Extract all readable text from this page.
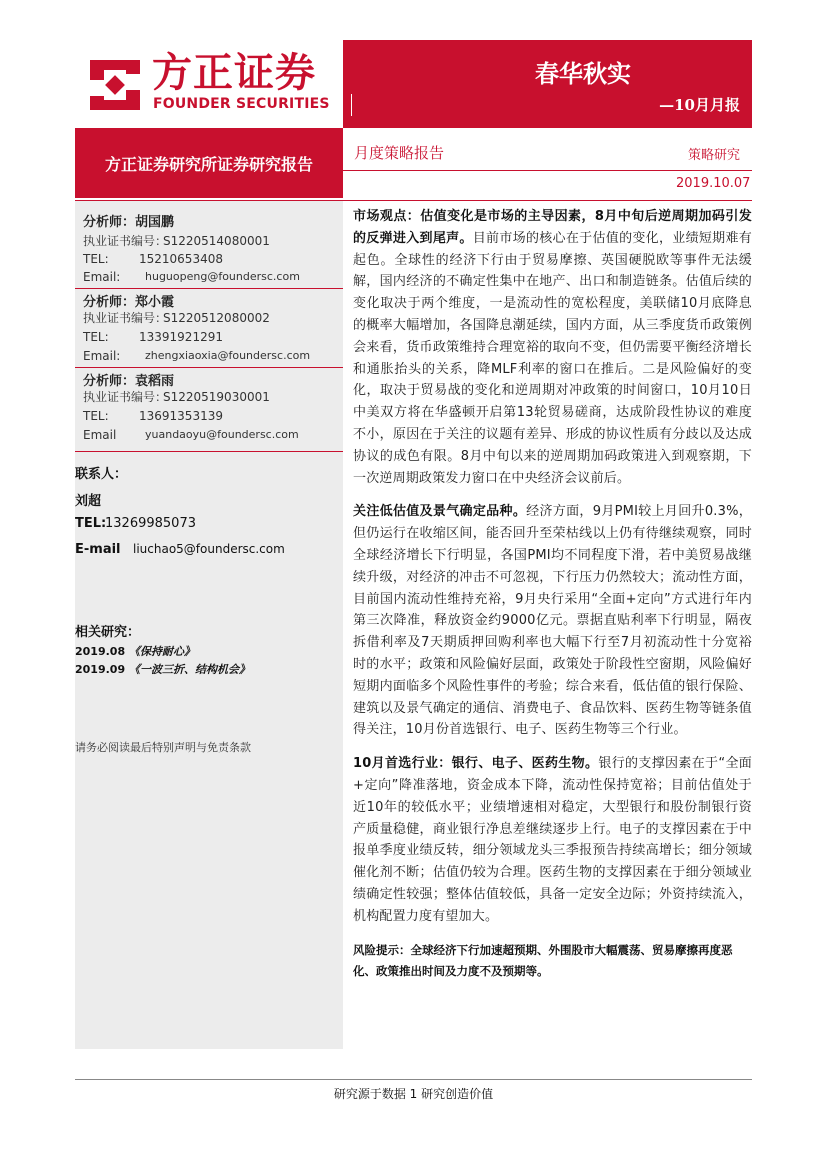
方正证券
FOUNDER SECURITIES
春华秋实
—10月月报
方正证券研究所证券研究报告
月度策略报告	策略研究
2019.10.07
分析师：胡国鹏
执业证书编号：
S1220514080001
TEL:	15210653408
Email: huguopeng@foundersc.com
分析师：郑小霞
执业证书编号：
S1220512080002
TEL:	13391921291
Email: zhengxiaoxia@foundersc.com
分析师：袁稻雨
执业证书编号：
S1220519030001
TEL:	13691353139
Email	yuandaoyu@foundersc.com
联系人：
刘超
TEL:
13269985073
E-mail liuchao5@foundersc.com
相关研究：
2019.08 《保持耐心》
2019.09 《一波三折、结构机会》
请务必阅读最后特别声明与免责条款

市场观点：估值变化是市场的主导因素，8月中旬后逆周期加码引发的反弹进入到尾声。目前市场的核心在于估值的变化，业绩短期难有起色。全球性的经济下行由于贸易摩擦、英国硬脱欧等事件无法缓解，国内经济的不确定性集中在地产、出口和制造链条。估值后续的变化取决于两个维度，一是流动性的宽松程度，美联储10月底降息的概率大幅增加，各国降息潮延续，国内方面，从三季度货币政策例会来看，货币政策维持合理宽裕的取向不变，但仍需要平衡经济增长和通胀抬头的关系，降MLF利率的窗口在推后。二是风险偏好的变化，取决于贸易战的变化和逆周期对冲政策的时间窗口，10月10日中美双方将在华盛顿开启第13轮贸易磋商，达成阶段性协议的难度不小，原因在于关注的议题有差异、形成的协议性质有分歧以及达成协议的成色有限。8月中旬以来的逆周期加码政策进入到观察期，下一次逆周期政策发力窗口在中央经济会议前后。

关注低估值及景气确定品种。经济方面，9月PMI较上月回升0.3%，但仍运行在收缩区间，能否回升至荣枯线以上仍有待继续观察，同时全球经济增长下行明显，各国PMI均不同程度下滑，若中美贸易战继续升级，对经济的冲击不可忽视，下行压力仍然较大；流动性方面，目前国内流动性维持充裕，9月央行采用“全面+定向”方式进行年内第三次降准，释放资金约9000亿元。票据直贴利率下行明显，隔夜拆借利率及7天期质押回购利率也大幅下行至7月初流动性十分宽裕时的水平；政策和风险偏好层面，政策处于阶段性空窗期，风险偏好短期内面临多个风险性事件的考验；综合来看，低估值的银行保险、建筑以及景气确定的通信、消费电子、食品饮料、医药生物等链条值得关注，10月份首选银行、电子、医药生物等三个行业。

10月首选行业：银行、电子、医药生物。银行的支撑因素在于“全面+定向”降准落地，资金成本下降，流动性保持宽裕；目前估值处于近10年的较低水平；业绩增速相对稳定，大型银行和股份制银行资产质量稳健，商业银行净息差继续逐步上行。电子的支撑因素在于中报单季度业绩反转，细分领域龙头三季报预告持续高增长；细分领域催化剂不断；估值仍较为合理。医药生物的支撑因素在于细分领域业绩确定性较强；整体估值较低，具备一定安全边际；外资持续流入，机构配置力度有望加大。

风险提示：全球经济下行加速超预期、外围股市大幅震荡、贸易摩擦再度恶化、政策推出时间及力度不及预期等。

研究源于数据 1 研究创造价值
